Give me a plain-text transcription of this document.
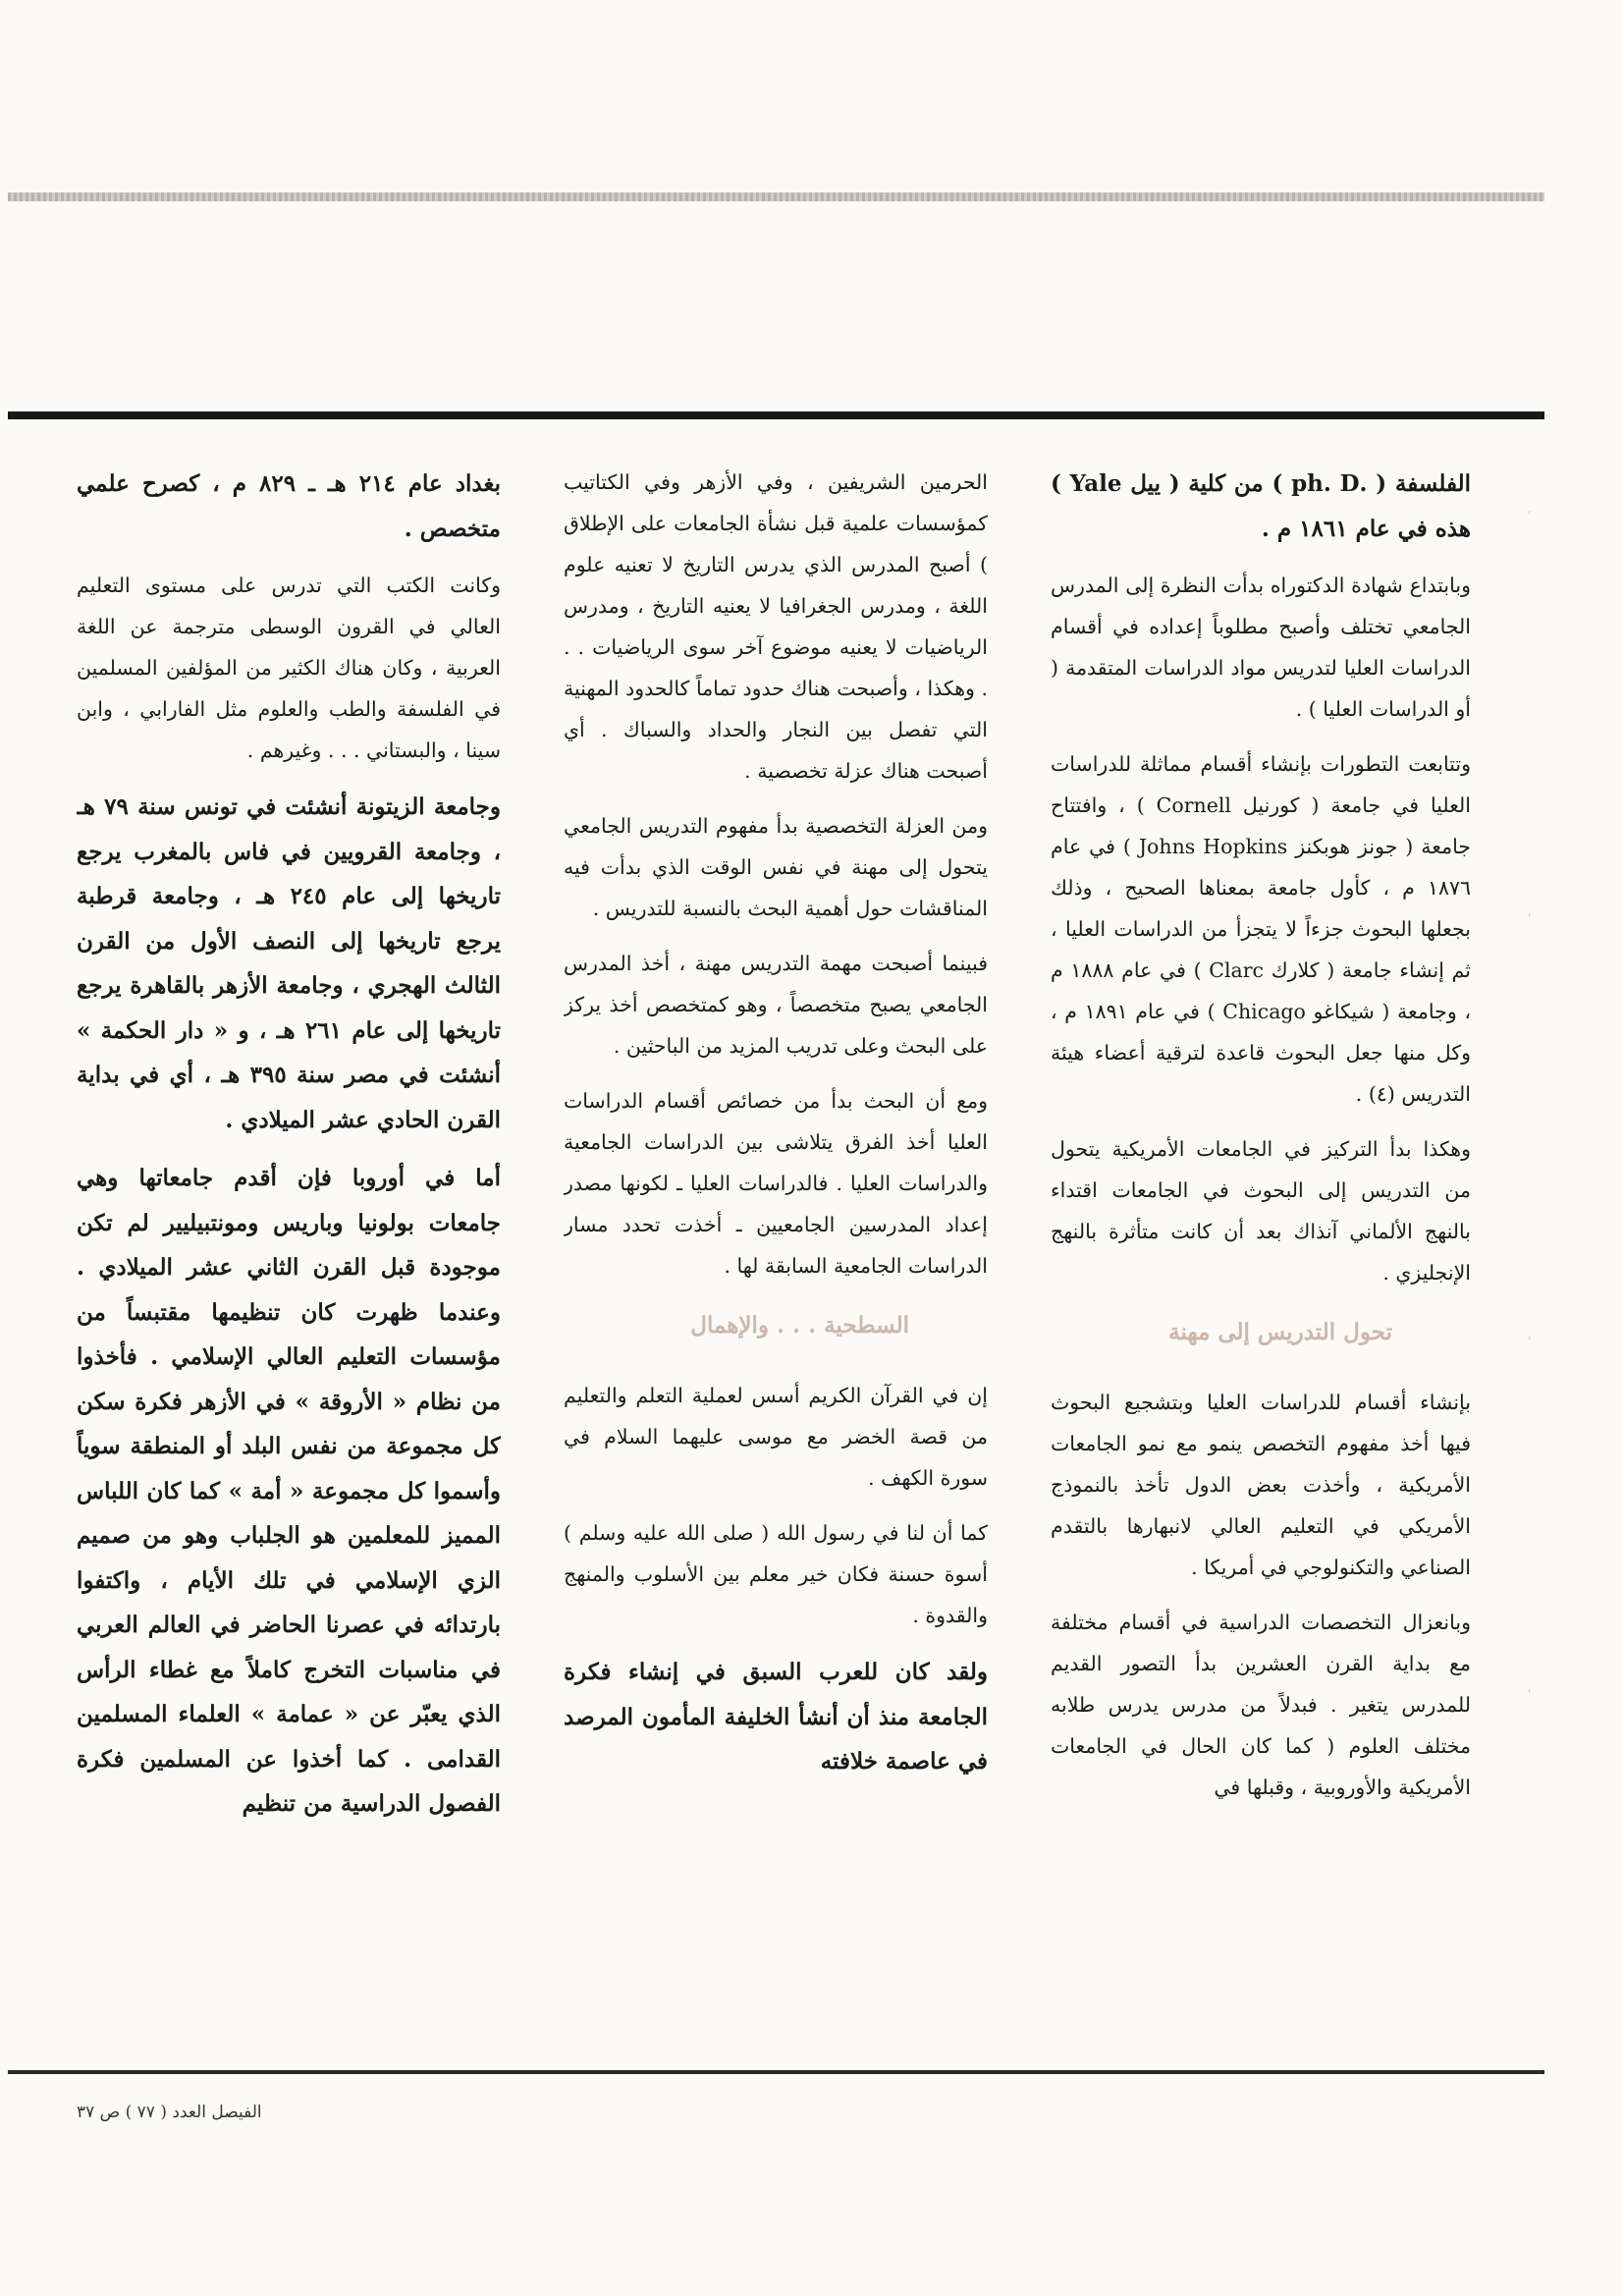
ʿ
ʿ
ʿ
ʿ

الفلسفة ( .ph. D ) من كلية ( ييل Yale ) هذه في عام ١٨٦١ م .

وبابتداع شهادة الدكتوراه بدأت النظرة إلى المدرس الجامعي تختلف وأصبح مطلوباً إعداده في أقسام الدراسات العليا لتدريس مواد الدراسات المتقدمة ( أو الدراسات العليا ) .

وتتابعت التطورات بإنشاء أقسام مماثلة للدراسات العليا في جامعة ( كورنيل Cornell ) ، وافتتاح جامعة ( جونز هوبكنز Johns Hopkins ) في عام ١٨٧٦ م ، كأول جامعة بمعناها الصحيح ، وذلك بجعلها البحوث جزءاً لا يتجزأ من الدراسات العليا ، ثم إنشاء جامعة ( كلارك Clarc ) في عام ١٨٨٨ م ، وجامعة ( شيكاغو Chicago ) في عام ١٨٩١ م ، وكل منها جعل البحوث قاعدة لترقية أعضاء هيئة التدريس (٤) .

وهكذا بدأ التركيز في الجامعات الأمريكية يتحول من التدريس إلى البحوث في الجامعات اقتداء بالنهج الألماني آنذاك بعد أن كانت متأثرة بالنهج الإنجليزي .

تحول التدريس إلى مهنة

بإنشاء أقسام للدراسات العليا وبتشجيع البحوث فيها أخذ مفهوم التخصص ينمو مع نمو الجامعات الأمريكية ، وأخذت بعض الدول تأخذ بالنموذج الأمريكي في التعليم العالي لانبهارها بالتقدم الصناعي والتكنولوجي في أمريكا .

وبانعزال التخصصات الدراسية في أقسام مختلفة مع بداية القرن العشرين بدأ التصور القديم للمدرس يتغير . فبدلاً من مدرس يدرس طلابه مختلف العلوم ( كما كان الحال في الجامعات الأمريكية والأوروبية ، وقبلها في

الحرمين الشريفين ، وفي الأزهر وفي الكتاتيب كمؤسسات علمية قبل نشأة الجامعات على الإطلاق ) أصبح المدرس الذي يدرس التاريخ لا تعنيه علوم اللغة ، ومدرس الجغرافيا لا يعنيه التاريخ ، ومدرس الرياضيات لا يعنيه موضوع آخر سوى الرياضيات . . . وهكذا ، وأصبحت هناك حدود تماماً كالحدود المهنية التي تفصل بين النجار والحداد والسباك . أي أصبحت هناك عزلة تخصصية .

ومن العزلة التخصصية بدأ مفهوم التدريس الجامعي يتحول إلى مهنة في نفس الوقت الذي بدأت فيه المناقشات حول أهمية البحث بالنسبة للتدريس .

فبينما أصبحت مهمة التدريس مهنة ، أخذ المدرس الجامعي يصبح متخصصاً ، وهو كمتخصص أخذ يركز على البحث وعلى تدريب المزيد من الباحثين .

ومع أن البحث بدأ من خصائص أقسام الدراسات العليا أخذ الفرق يتلاشى بين الدراسات الجامعية والدراسات العليا . فالدراسات العليا ـ لكونها مصدر إعداد المدرسين الجامعيين ـ أخذت تحدد مسار الدراسات الجامعية السابقة لها .

السطحية . . . والإهمال

إن في القرآن الكريم أسس لعملية التعلم والتعليم من قصة الخضر مع موسى عليهما السلام في سورة الكهف .

كما أن لنا في رسول الله ( صلى الله عليه وسلم ) أسوة حسنة فكان خير معلم بين الأسلوب والمنهج والقدوة .

ولقد كان للعرب السبق في إنشاء فكرة الجامعة منذ أن أنشأ الخليفة المأمون المرصد في عاصمة خلافته

بغداد عام ٢١٤ هـ ـ ٨٢٩ م ، كصرح علمي متخصص .

وكانت الكتب التي تدرس على مستوى التعليم العالي في القرون الوسطى مترجمة عن اللغة العربية ، وكان هناك الكثير من المؤلفين المسلمين في الفلسفة والطب والعلوم مثل الفارابي ، وابن سينا ، والبستاني . . . وغيرهم .

وجامعة الزيتونة أنشئت في تونس سنة ٧٩ هـ ، وجامعة القرويين في فاس بالمغرب يرجع تاريخها إلى عام ٢٤٥ هـ ، وجامعة قرطبة يرجع تاريخها إلى النصف الأول من القرن الثالث الهجري ، وجامعة الأزهر بالقاهرة يرجع تاريخها إلى عام ٢٦١ هـ ، و « دار الحكمة » أنشئت في مصر سنة ٣٩٥ هـ ، أي في بداية القرن الحادي عشر الميلادي .

أما في أوروبا فإن أقدم جامعاتها وهي جامعات بولونيا وباريس ومونتبيليير لم تكن موجودة قبل القرن الثاني عشر الميلادي . وعندما ظهرت كان تنظيمها مقتبساً من مؤسسات التعليم العالي الإسلامي . فأخذوا من نظام « الأروقة » في الأزهر فكرة سكن كل مجموعة من نفس البلد أو المنطقة سوياً وأسموا كل مجموعة « أمة » كما كان اللباس المميز للمعلمين هو الجلباب وهو من صميم الزي الإسلامي في تلك الأيام ، واكتفوا بارتدائه في عصرنا الحاضر في العالم العربي في مناسبات التخرج كاملاً مع غطاء الرأس الذي يعبّر عن « عمامة » العلماء المسلمين القدامى . كما أخذوا عن المسلمين فكرة الفصول الدراسية من تنظيم

الفيصل العدد ( ٧٧ ) ص ٣٧
